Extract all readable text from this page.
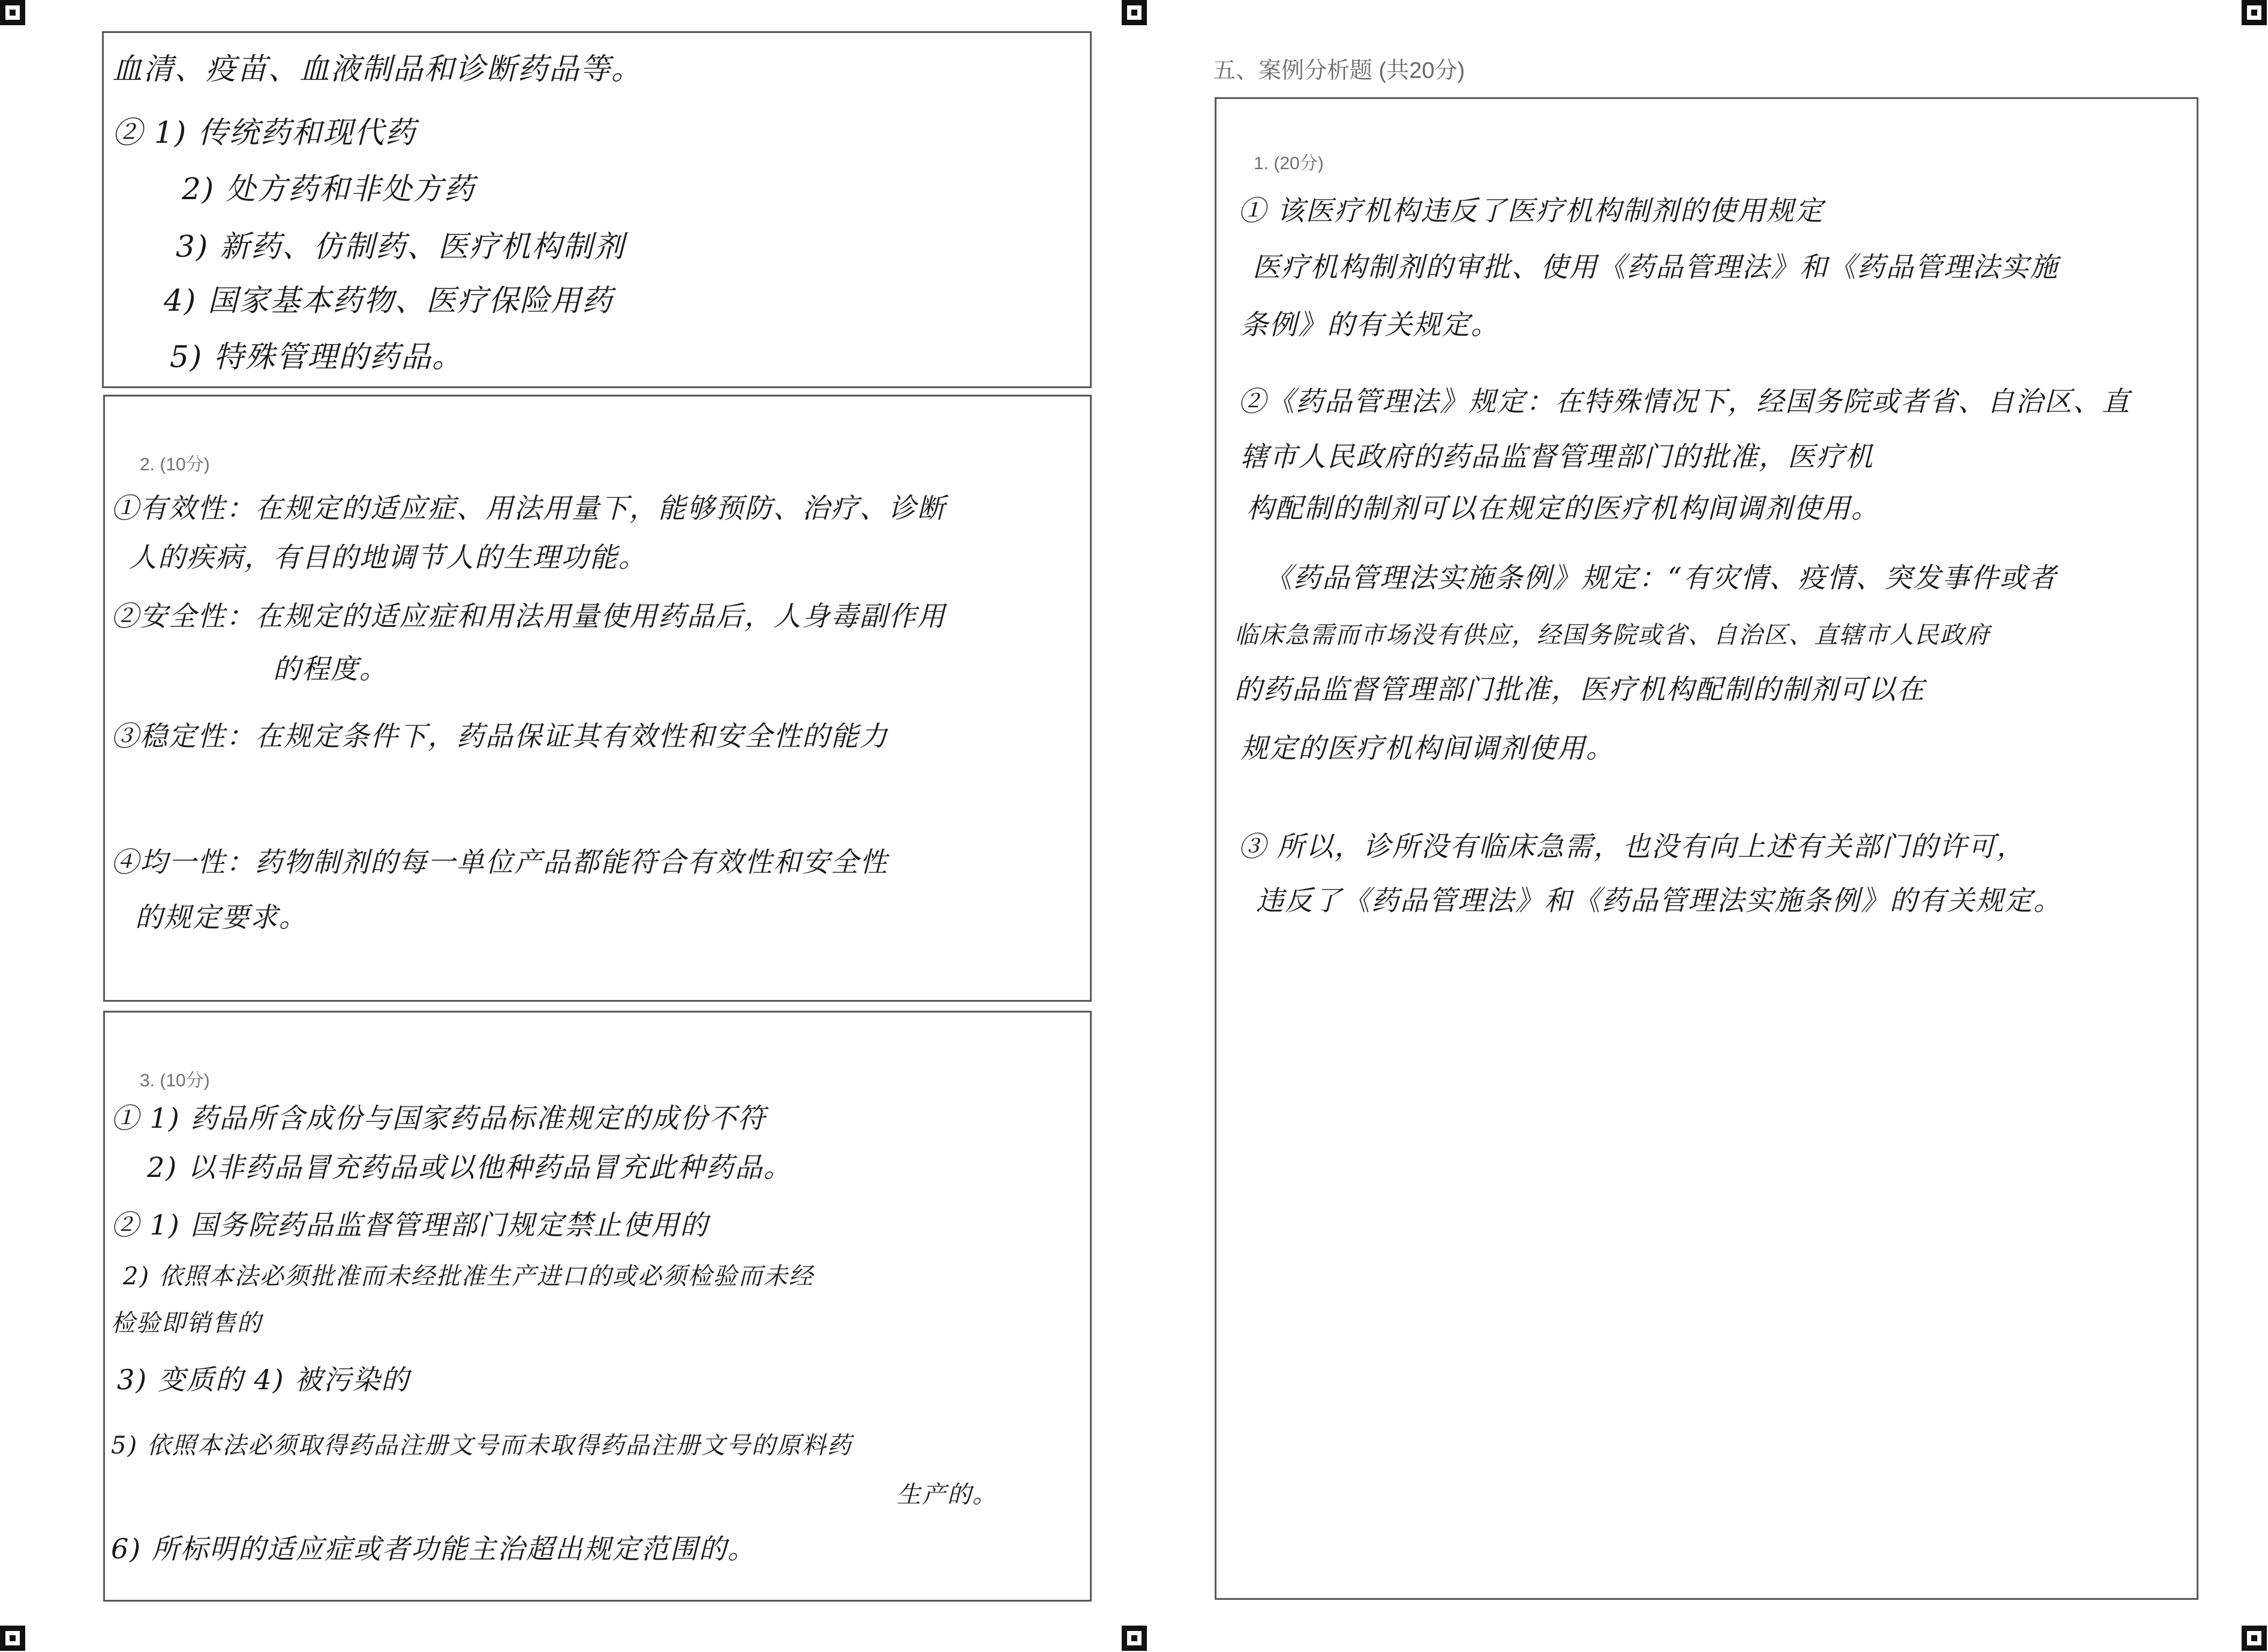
血清、疫苗、血液制品和诊断药品等。
② 1) 传统药和现代药
2) 处方药和非处方药
3) 新药、仿制药、医疗机构制剂
4) 国家基本药物、医疗保险用药
5) 特殊管理的药品。
2. (10分)
①有效性：在规定的适应症、用法用量下，能够预防、治疗、诊断
人的疾病，有目的地调节人的生理功能。
②安全性：在规定的适应症和用法用量使用药品后，人身毒副作用
的程度。
③稳定性：在规定条件下，药品保证其有效性和安全性的能力
④均一性：药物制剂的每一单位产品都能符合有效性和安全性
的规定要求。
3. (10分)
① 1) 药品所含成份与国家药品标准规定的成份不符
2) 以非药品冒充药品或以他种药品冒充此种药品。
② 1) 国务院药品监督管理部门规定禁止使用的
2) 依照本法必须批准而未经批准生产进口的或必须检验而未经
检验即销售的
3) 变质的 4) 被污染的
5) 依照本法必须取得药品注册文号而未取得药品注册文号的原料药
生产的。
6) 所标明的适应症或者功能主治超出规定范围的。
五、案例分析题 (共20分)
1. (20分)
① 该医疗机构违反了医疗机构制剂的使用规定
医疗机构制剂的审批、使用《药品管理法》和《药品管理法实施
条例》的有关规定。
②《药品管理法》规定：在特殊情况下，经国务院或者省、自治区、直
辖市人民政府的药品监督管理部门的批准，医疗机
构配制的制剂可以在规定的医疗机构间调剂使用。
《药品管理法实施条例》规定：“有灾情、疫情、突发事件或者
临床急需而市场没有供应，经国务院或省、自治区、直辖市人民政府
的药品监督管理部门批准，医疗机构配制的制剂可以在
规定的医疗机构间调剂使用。
③ 所以，诊所没有临床急需，也没有向上述有关部门的许可，
违反了《药品管理法》和《药品管理法实施条例》的有关规定。
